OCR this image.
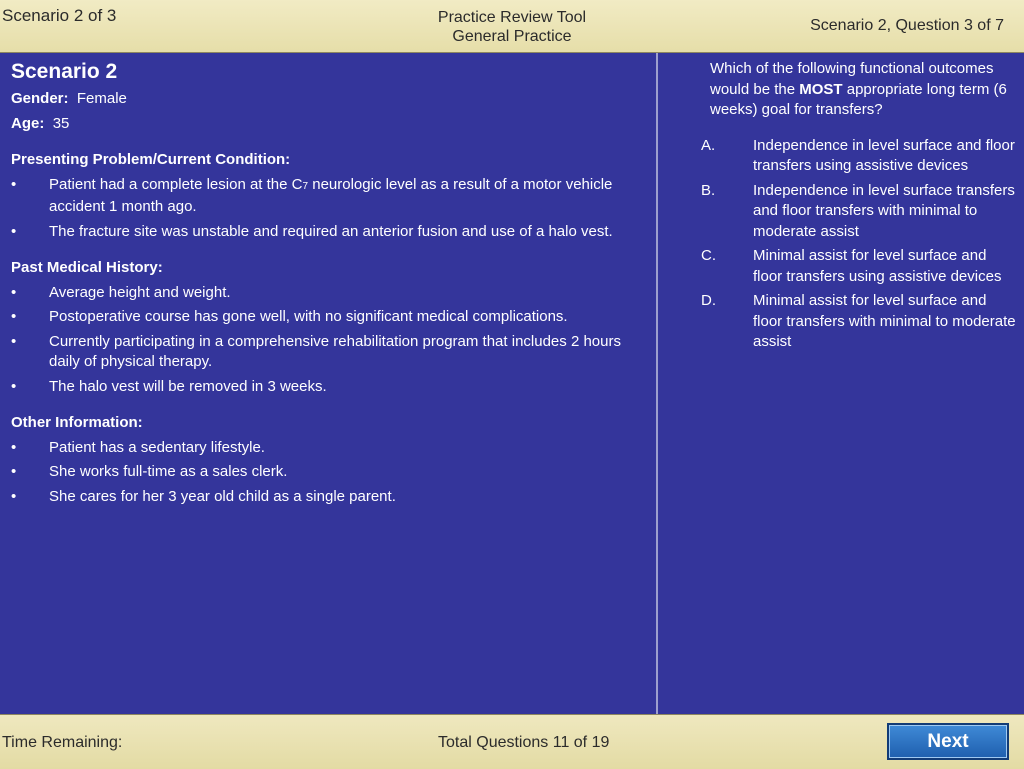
Scenario 2 of 3	Practice Review Tool
General Practice
Scenario 2, Question 3 of 7
Scenario 2
Gender: Female
Age: 35
Presenting Problem/Current Condition:
•	Patient had a complete lesion at the C7 neurologic level as a result of a motor vehicle accident 1 month ago.
•	The fracture site was unstable and required an anterior fusion and use of a halo vest.
Past Medical History:
•	Average height and weight.
•	Postoperative course has gone well, with no significant medical complications.
•	Currently participating in a comprehensive rehabilitation program that includes 2 hours daily of physical therapy.
•	The halo vest will be removed in 3 weeks.
Other Information:
•	Patient has a sedentary lifestyle.
•	She works full-time as a sales clerk.
•	She cares for her 3 year old child as a single parent.
Which of the following functional outcomes would be the MOST appropriate long term (6 weeks) goal for transfers?
A.	Independence in level surface and floor transfers using assistive devices
B.	Independence in level surface transfers and floor transfers with minimal to moderate assist
C.	Minimal assist for level surface and floor transfers using assistive devices
D.	Minimal assist for level surface and floor transfers with minimal to moderate assist
Time Remaining:	Total Questions 11 of 19	Next
